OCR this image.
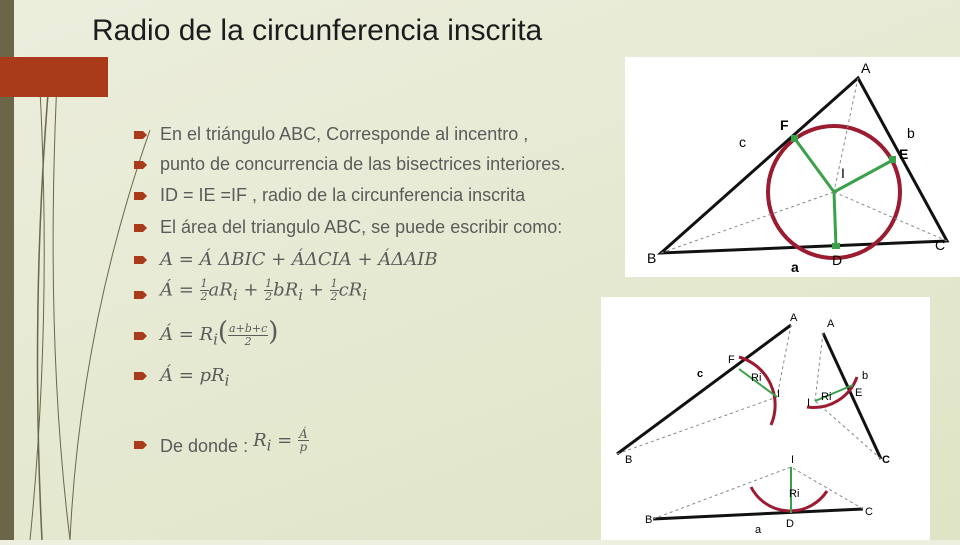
Radio de la circunferencia inscrita
En el triángulo ABC, Corresponde al incentro ,
punto de concurrencia de las bisectrices interiores.
ID = IE =IF , radio de la circunferencia inscrita
El área del triangulo ABC, se puede escribir como:
A = Á ΔBIC + ÁΔCIA + ÁΔAIB
Á = $\frac{1}{2} aR_i + \frac{1}{2} bR_i + \frac{1}{2} cR_i$
Á = $R_i( \frac{a+b+c}{2}$ )
Á = $pR_i$
De donde : $R_i = \frac{Á}{p}$
A
B
C
D
E
F
I
a
b
c
A
B
F
I
Ri
c
A
C
E
I Ri
b
B
C
D
I
Ri
a
